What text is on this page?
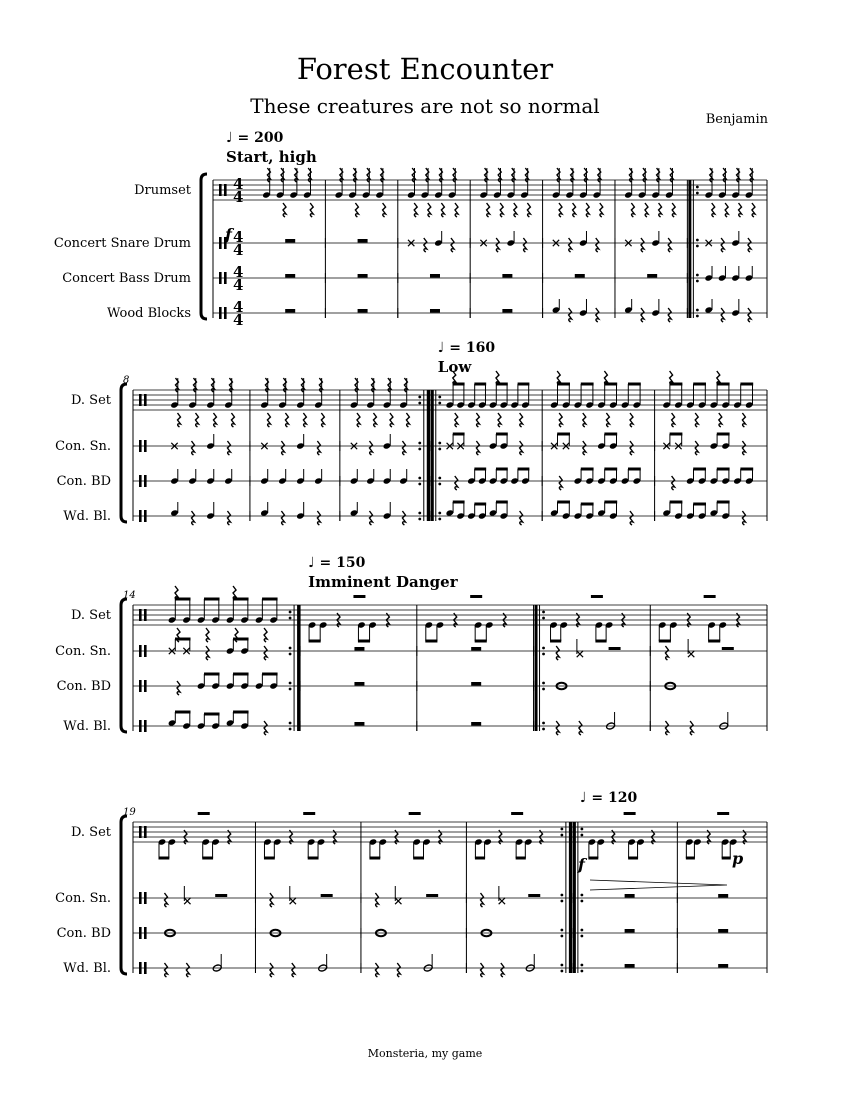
Forest Encounter
These creatures are not so normal
Benjamin
Drumset
Concert Snare Drum
Concert Bass Drum
Wood Blocks
4
4
4
4
4
4
4
4
♩ = 200
Start, high
D. Set
Con. Sn.
Con. BD
Wd. Bl.
8
♩ = 160
Low
D. Set
Con. Sn.
Con. BD
Wd. Bl.
14
♩ = 150
Imminent Danger
D. Set
Con. Sn.
Con. BD
Wd. Bl.
19
♩ = 120
f
f	p
Monsteria, my game
